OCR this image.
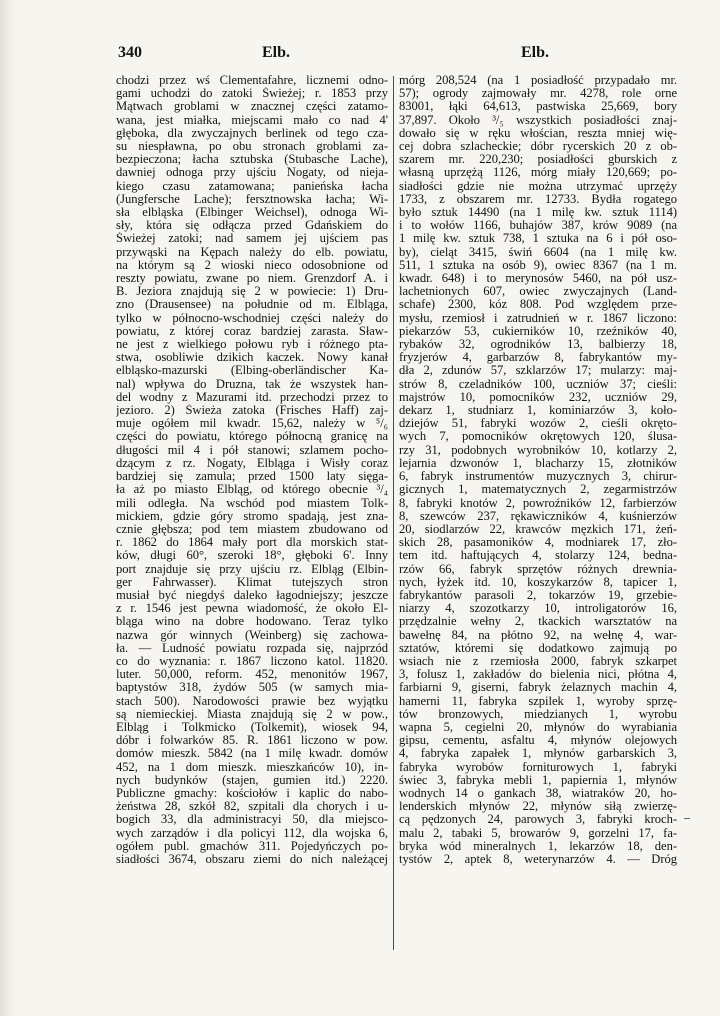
340	Elb.	Elb.
chodzi przez wś Clementafahre, licznemi odno-
gami uchodzi do zatoki Świeżej; r. 1853 przy
Mątwach groblami w znacznej części zatamo-
wana, jest miałka, miejscami mało co nad 4'
głęboka, dla zwyczajnych berlinek od tego cza-
su niespławna, po obu stronach groblami za-
bezpieczona; łacha sztubska (Stubasche Lache),
dawniej odnoga przy ujściu Nogaty, od nieja-
kiego czasu zatamowana; panieńska łacha
(Jungfersche Lache); fersztnowska łacha; Wi-
sła elbląska (Elbinger Weichsel), odnoga Wi-
sły, która się odłącza przed Gdańskiem do
Świeżej zatoki; nad samem jej ujściem pas
przywąski na Kępach należy do elb. powiatu,
na którym są 2 wioski nieco odosobnione od
reszty powiatu, zwane po niem. Grenzdorf A. i
B. Jeziora znajdują się 2 w powiecie: 1) Dru-
zno (Drausensee) na południe od m. Elbląga,
tylko w północno-wschodniej części należy do
powiatu, z której coraz bardziej zarasta. Sław-
ne jest z wielkiego połowu ryb i różnego pta-
stwa, osobliwie dzikich kaczek. Nowy kanał
elbląsko-mazurski (Elbing-oberländischer Ka-
nal) wpływa do Druzna, tak że wszystek han-
del wodny z Mazurami itd. przechodzi przez to
jezioro. 2) Świeża zatoka (Frisches Haff) zaj-
muje ogółem mil kwadr. 15,62, należy w ⁵/₆
części do powiatu, którego północną granicę na
długości mil 4 i pół stanowi; szlamem pocho-
dzącym z rz. Nogaty, Elbląga i Wisły coraz
bardziej się zamula; przed 1500 laty sięga-
ła aż po miasto Elbląg, od którego obecnie ³/₄
mili odległa. Na wschód pod miastem Tolk-
mickiem, gdzie góry stromo spadają, jest zna-
cznie głębsza; pod tem miastem zbudowano od
r. 1862 do 1864 mały port dla morskich stat-
ków, długi 60°, szeroki 18°, głęboki 6'. Inny
port znajduje się przy ujściu rz. Elbląg (Elbin-
ger Fahrwasser). Klimat tutejszych stron
musiał być niegdyś daleko łagodniejszy; jeszcze
z r. 1546 jest pewna wiadomość, że około El-
bląga wino na dobre hodowano. Teraz tylko
nazwa gór winnych (Weinberg) się zachowa-
ła. — Ludność powiatu rozpada się, najprzód
co do wyznania: r. 1867 liczono katol. 11820.
luter. 50,000, reform. 452, menonitów 1967,
baptystów 318, żydów 505 (w samych mia-
stach 500). Narodowości prawie bez wyjątku
są niemieckiej. Miasta znajdują się 2 w pow.,
Elbląg i Tolkmicko (Tolkemit), wiosek 94,
dóbr i folwarków 85. R. 1861 liczono w pow.
domów mieszk. 5842 (na 1 milę kwadr. domów
452, na 1 dom mieszk. mieszkańców 10), in-
nych budynków (stajen, gumien itd.) 2220.
Publiczne gmachy: kościołów i kaplic do nabo-
żeństwa 28, szkół 82, szpitali dla chorych i u-
bogich 33, dla administracyi 50, dla miejsco-
wych zarządów i dla policyi 112, dla wojska 6,
ogółem publ. gmachów 311. Pojedyńczych po-
siadłości 3674, obszaru ziemi do nich należącej
mórg 208,524 (na 1 posiadłość przypadało mr.
57); ogrody zajmowały mr. 4278, role orne
83001, łąki 64,613, pastwiska 25,669, bory
37,897. Około ³/₅ wszystkich posiadłości znaj-
dowało się w ręku włościan, reszta mniej wię-
cej dobra szlacheckie; dóbr rycerskich 20 z ob-
szarem mr. 220,230; posiadłości gburskich z
własną uprzężą 1126, mórg miały 120,669; po-
siadłości gdzie nie można utrzymać uprzęży
1733, z obszarem mr. 12733. Bydła rogatego
było sztuk 14490 (na 1 milę kw. sztuk 1114)
i to wołów 1166, buhajów 387, krów 9089 (na
1 milę kw. sztuk 738, 1 sztuka na 6 i pół oso-
by), cieląt 3415, świń 6604 (na 1 milę kw.
511, 1 sztuka na osób 9), owiec 8367 (na 1 m.
kwadr. 648) i to merynosów 5460, na pół usz-
lachetnionych 607, owiec zwyczajnych (Land-
schafe) 2300, kóz 808. Pod względem prze-
mysłu, rzemiosł i zatrudnień w r. 1867 liczono:
piekarzów 53, cukierników 10, rzeźników 40,
rybaków 32, ogrodników 13, balbierzy 18,
fryzjerów 4, garbarzów 8, fabrykantów my-
dła 2, zdunów 57, szklarzów 17; mularzy: maj-
strów 8, czeladników 100, uczniów 37; cieśli:
majstrów 10, pomocników 232, uczniów 29,
dekarz 1, studniarz 1, kominiarzów 3, koło-
dziejów 51, fabryki wozów 2, cieśli okręto-
wych 7, pomocników okrętowych 120, ślusa-
rzy 31, podobnych wyrobników 10, kotlarzy 2,
lejarnia dzwonów 1, blacharzy 15, złotników
6, fabryk instrumentów muzycznych 3, chirur-
gicznych 1, matematycznych 2, zegarmistrzów
8, fabryki knotów 2, powroźników 12, farbierzów
8, szewców 237, rękawiczników 4, kuśnierzów
20, siodlarzów 22, krawców męzkich 171, żeń-
skich 28, pasamoników 4, modniarek 17, zło-
tem itd. haftujących 4, stolarzy 124, bednа-
rzów 66, fabryk sprzętów różnych drewnia-
nych, łyżek itd. 10, koszykarzów 8, tapicer 1,
fabrykantów parasoli 2, tokarzów 19, grzebie-
niarzy 4, szozotkarzy 10, introligatorów 16,
przędzalnie wełny 2, tkackich warsztatów na
bawełnę 84, na płótno 92, na wełnę 4, war-
sztatów, któremi się dodatkowo zajmują po
wsiach nie z rzemiosła 2000, fabryk szkarpet
3, folusz 1, zakładów do bielenia nici, płótna 4,
farbiarni 9, giserni, fabryk żelaznych machin 4,
hamerni 11, fabryka szpilek 1, wyroby sprzę-
tów bronzowych, miedzianych 1, wyrobu
wapna 5, cegielni 20, młynów do wyrabiania
gipsu, cementu, asfaltu 4, młynów olejowych
4, fabryka zapałek 1, młynów garbarskich 3,
fabryka wyrobów forniturowych 1, fabryki
świec 3, fabryka mebli 1, papiernia 1, młynów
wodnych 14 o gankach 38, wiatraków 20, ho-
lenderskich młynów 22, młynów siłą zwierzę-
cą pędzonych 24, parowych 3, fabryki kroch-
malu 2, tabaki 5, browarów 9, gorzelni 17, fa-
bryka wód mineralnych 1, lekarzów 18, den-
tystów 2, aptek 8, weterynarzów 4. — Dróg
